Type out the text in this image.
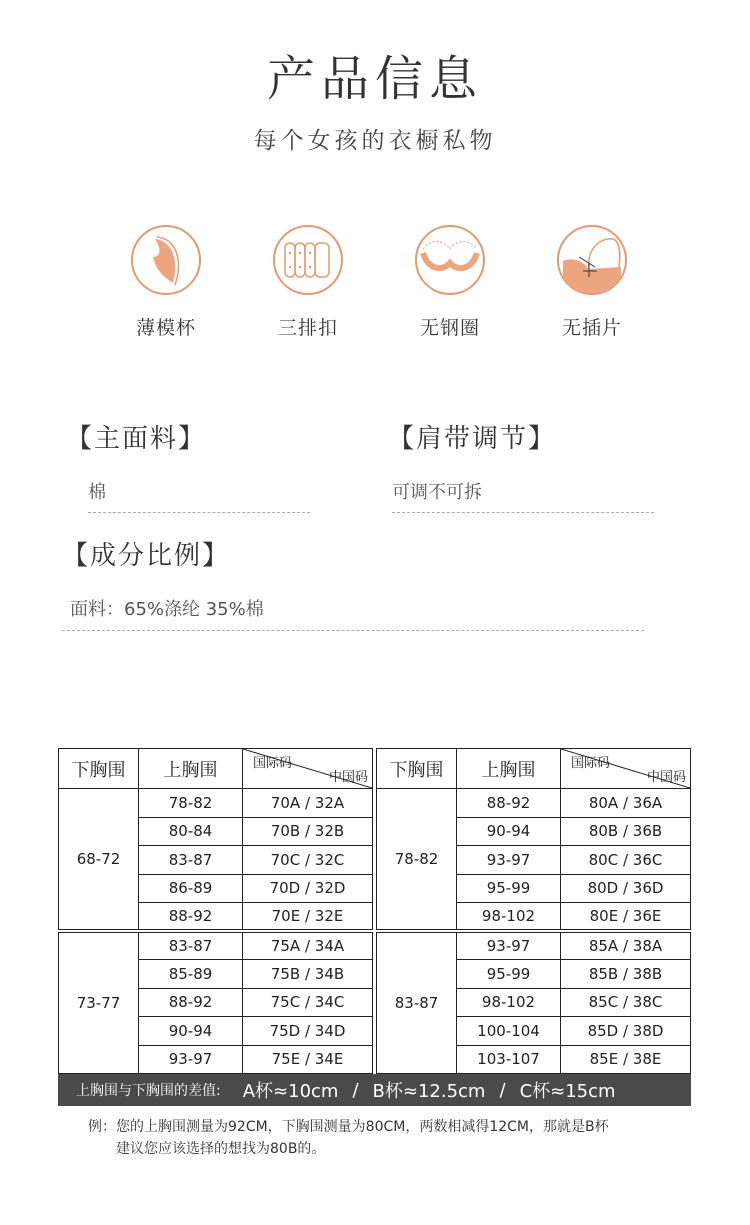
产品信息
每个女孩的衣橱私物
薄模杯	三排扣	无钢圈	无插片
【主面料】
棉
【肩带调节】
可调不可拆
【成分比例】
面料：65%涤纶 35%棉
下胸围	上胸围	国际码
中国码

68-72	78-82	70A / 32A
	80-84	70B / 32B
	83-87	70C / 32C
	86-89	70D / 32D
	88-92	70E / 32E
73-77	83-87	75A / 34A
	85-89	75B / 34B
	88-92	75C / 34C
	90-94	75D / 34D
	93-97	75E / 34E
下胸围	上胸围	国际码
中国码

78-82	88-92	80A / 36A
	90-94	80B / 36B
	93-97	80C / 36C
	95-99	80D / 36D
	98-102	80E / 36E
83-87	93-97	85A / 38A
	95-99	85B / 38B
	98-102	85C / 38C
	100-104	85D / 38D
	103-107	85E / 38E
上胸围与下胸围的差值: A杯≈10cm / B杯≈12.5cm / C杯≈15cm
例：您的上胸围测量为92CM，下胸围测量为80CM，两数相减得12CM，那就是B杯
建议您应该选择的想找为80B的。
